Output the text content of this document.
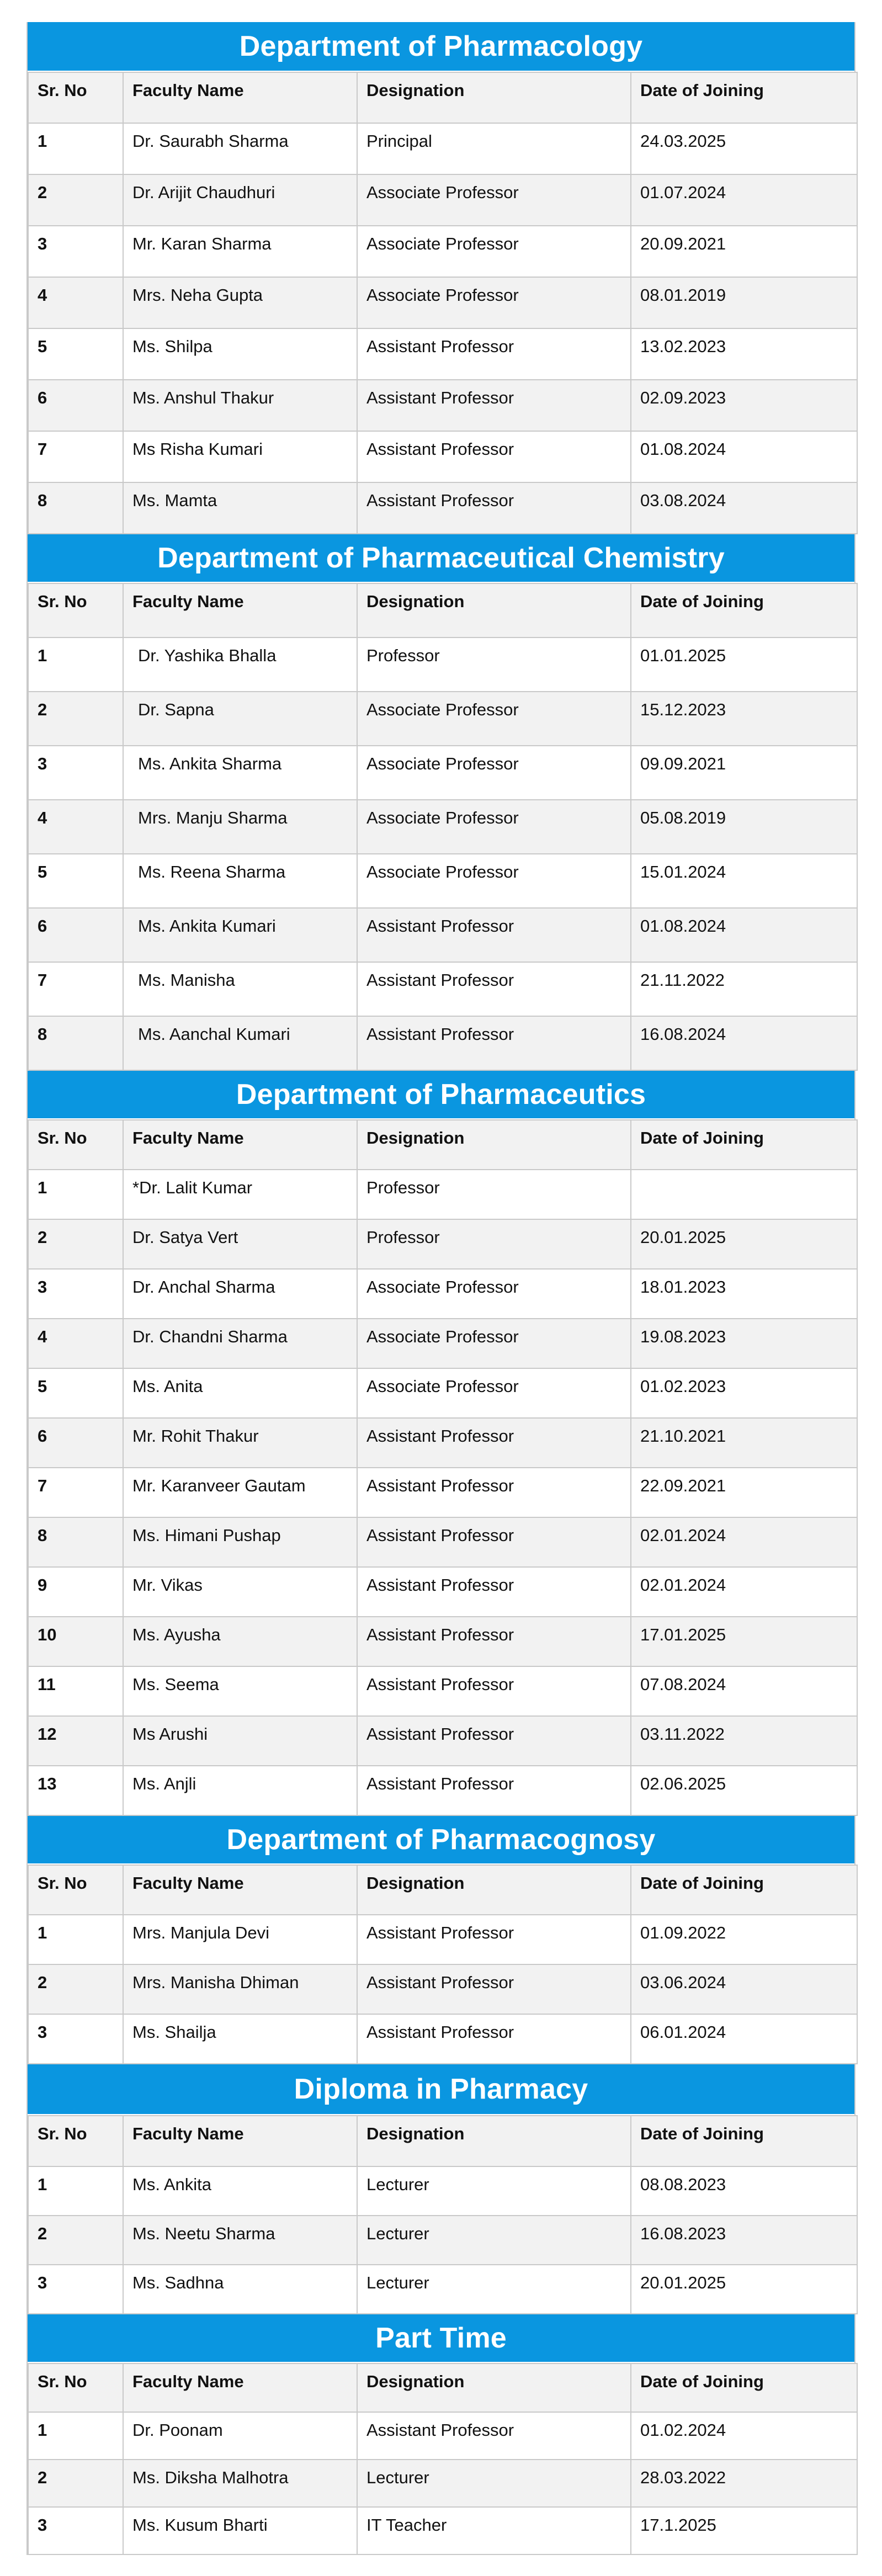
Department of Pharmacology
Sr. No	Faculty Name	Designation	Date of Joining
1	Dr. Saurabh Sharma	Principal	24.03.2025
2	Dr. Arijit Chaudhuri	Associate Professor	01.07.2024
3	Mr. Karan Sharma	Associate Professor	20.09.2021
4	Mrs. Neha Gupta	Associate Professor	08.01.2019
5	Ms. Shilpa	Assistant Professor	13.02.2023
6	Ms. Anshul Thakur	Assistant Professor	02.09.2023
7	Ms Risha Kumari	Assistant Professor	01.08.2024
8	Ms. Mamta	Assistant Professor	03.08.2024
Department of Pharmaceutical Chemistry
Sr. No	Faculty Name	Designation	Date of Joining
1	Dr. Yashika Bhalla	Professor	01.01.2025
2	Dr. Sapna	Associate Professor	15.12.2023
3	Ms. Ankita Sharma	Associate Professor	09.09.2021
4	Mrs. Manju Sharma	Associate Professor	05.08.2019
5	Ms. Reena Sharma	Associate Professor	15.01.2024
6	Ms. Ankita Kumari	Assistant Professor	01.08.2024
7	Ms. Manisha	Assistant Professor	21.11.2022
8	Ms. Aanchal Kumari	Assistant Professor	16.08.2024
Department of Pharmaceutics
Sr. No	Faculty Name	Designation	Date of Joining
1	*Dr. Lalit Kumar	Professor	
2	Dr. Satya Vert	Professor	20.01.2025
3	Dr. Anchal Sharma	Associate Professor	18.01.2023
4	Dr. Chandni Sharma	Associate Professor	19.08.2023
5	Ms. Anita	Associate Professor	01.02.2023
6	Mr. Rohit Thakur	Assistant Professor	21.10.2021
7	Mr. Karanveer Gautam	Assistant Professor	22.09.2021
8	Ms. Himani Pushap	Assistant Professor	02.01.2024
9	Mr. Vikas	Assistant Professor	02.01.2024
10	Ms. Ayusha	Assistant Professor	17.01.2025
11	Ms. Seema	Assistant Professor	07.08.2024
12	Ms Arushi	Assistant Professor	03.11.2022
13	Ms. Anjli	Assistant Professor	02.06.2025
Department of Pharmacognosy
Sr. No	Faculty Name	Designation	Date of Joining
1	Mrs. Manjula Devi	Assistant Professor	01.09.2022
2	Mrs. Manisha Dhiman	Assistant Professor	03.06.2024
3	Ms. Shailja	Assistant Professor	06.01.2024
Diploma in Pharmacy
Sr. No	Faculty Name	Designation	Date of Joining
1	Ms. Ankita	Lecturer	08.08.2023
2	Ms. Neetu Sharma	Lecturer	16.08.2023
3	Ms. Sadhna	Lecturer	20.01.2025
Part Time
Sr. No	Faculty Name	Designation	Date of Joining
1	Dr. Poonam	Assistant Professor	01.02.2024
2	Ms. Diksha Malhotra	Lecturer	28.03.2022
3	Ms. Kusum Bharti	IT Teacher	17.1.2025
